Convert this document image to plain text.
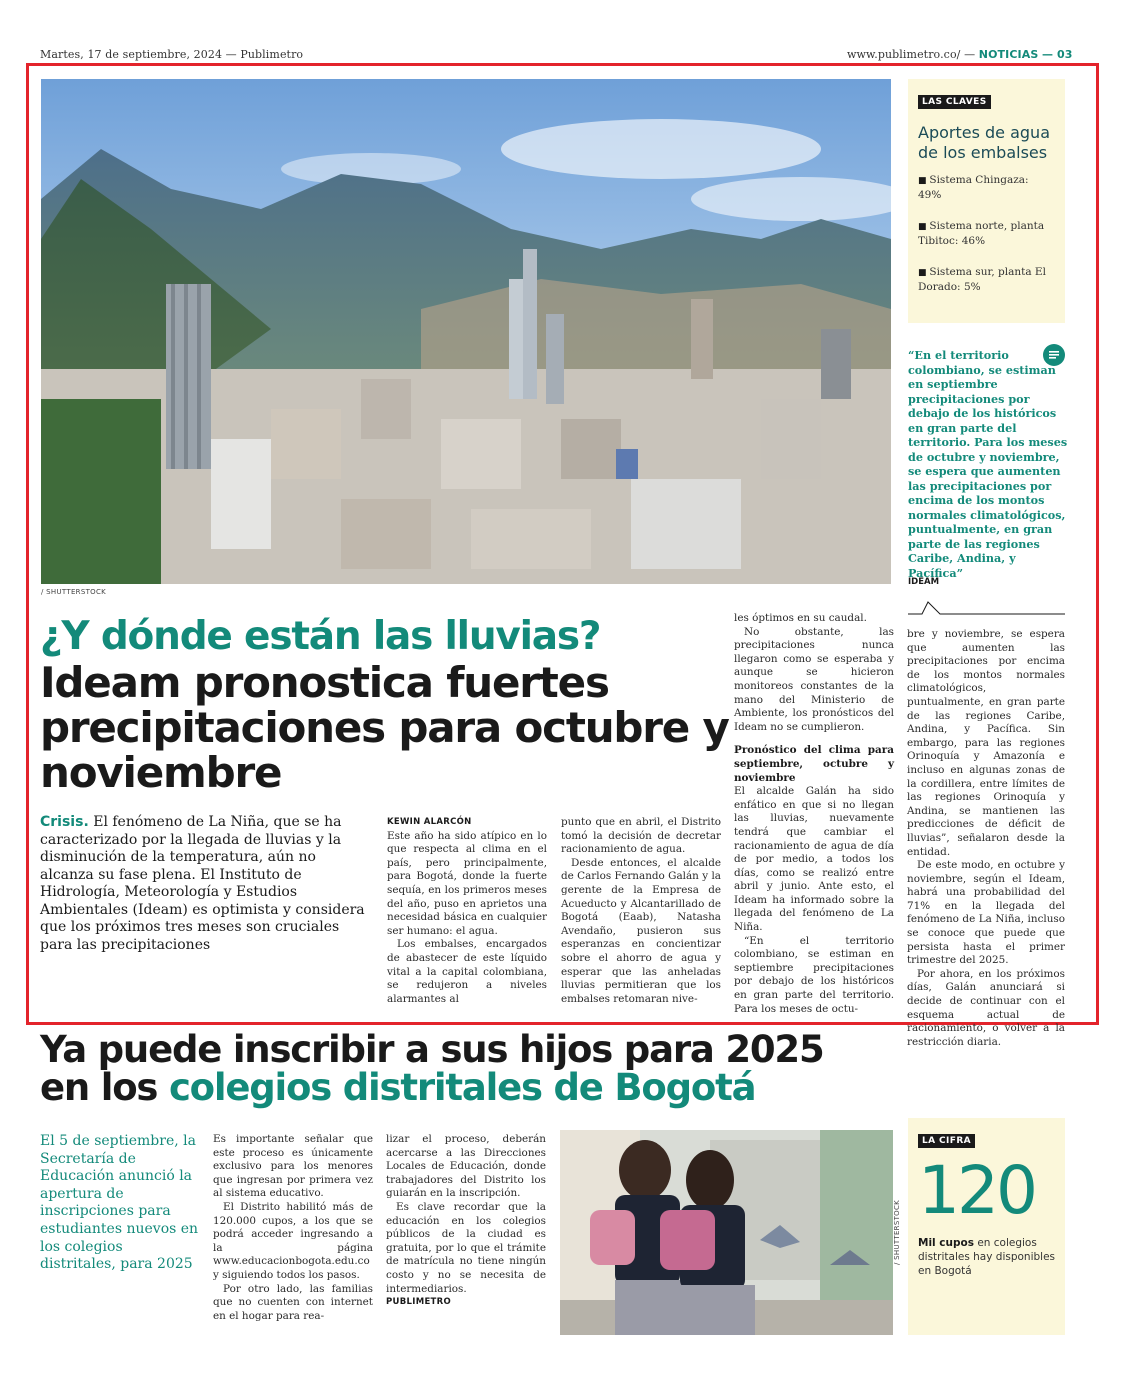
Martes, 17 de septiembre, 2024 — Publimetro	www.publimetro.co/ — NOTICIAS — 03
/ SHUTTERSTOCK
LAS CLAVES
Aportes de agua de los embalses
■ Sistema Chingaza: 49%
■ Sistema norte, planta Tibitoc: 46%
■ Sistema sur, planta El Dorado: 5%
“En el territorio colombiano, se estiman en septiembre precipitaciones por debajo de los históricos en gran parte del territorio. Para los meses de octubre y noviembre, se espera que aumenten las precipitaciones por encima de los montos normales climatológicos, puntualmente, en gran parte de las regiones Caribe, Andina, y Pacífica”
IDEAM
¿Y dónde están las lluvias?
Ideam pronostica fuertes precipitaciones para octubre y noviembre
Crisis. El fenómeno de La Niña, que se ha caracterizado por la llegada de lluvias y la disminución de la temperatura, aún no alcanza su fase plena. El Instituto de Hidrología, Meteorología y Estudios Ambientales (Ideam) es optimista y considera que los próximos tres meses son cruciales para las precipitaciones
KEWIN ALARCÓN

Este año ha sido atípico en lo que respecta al clima en el país, pero principalmente, para Bogotá, donde la fuerte sequía, en los primeros meses del año, puso en aprietos una necesidad básica en cualquier ser humano: el agua.

Los embalses, encargados de abastecer de este líquido vital a la capital colombiana, se redujeron a niveles alarmantes al

punto que en abril, el Distrito tomó la decisión de decretar racionamiento de agua.

Desde entonces, el alcalde de Carlos Fernando Galán y la gerente de la Empresa de Acueducto y Alcantarillado de Bogotá (Eaab), Natasha Avendaño, pusieron sus esperanzas en concientizar sobre el ahorro de agua y esperar que las anheladas lluvias permitieran que los embalses retomaran nive-

les óptimos en su caudal.

No obstante, las precipitaciones nunca llegaron como se esperaba y aunque se hicieron monitoreos constantes de la mano del Ministerio de Ambiente, los pronósticos del Ideam no se cumplieron.

Pronóstico del clima para septiembre, octubre y noviembre

El alcalde Galán ha sido enfático en que si no llegan las lluvias, nuevamente tendrá que cambiar el racionamiento de agua de día de por medio, a todos los días, como se realizó entre abril y junio. Ante esto, el Ideam ha informado sobre la llegada del fenómeno de La Niña.

“En el territorio colombiano, se estiman en septiembre precipitaciones por debajo de los históricos en gran parte del territorio. Para los meses de octu-

bre y noviembre, se espera que aumenten las precipitaciones por encima de los montos normales climatológicos, puntualmente, en gran parte de las regiones Caribe, Andina, y Pacífica. Sin embargo, para las regiones Orinoquía y Amazonía e incluso en algunas zonas de la cordillera, entre límites de las regiones Orinoquía y Andina, se mantienen las predicciones de déficit de lluvias”, señalaron desde la entidad.

De este modo, en octubre y noviembre, según el Ideam, habrá una probabilidad del 71% en la llegada del fenómeno de La Niña, incluso se conoce que puede que persista hasta el primer trimestre del 2025.

Por ahora, en los próximos días, Galán anunciará si decide de continuar con el esquema actual de racionamiento, o volver a la restricción diaria.

Ya puede inscribir a sus hijos para 2025
en los colegios distritales de Bogotá
El 5 de septiembre, la Secretaría de Educación anunció la apertura de inscripciones para estudiantes nuevos en los colegios distritales, para 2025

Es importante señalar que este proceso es únicamente exclusivo para los menores que ingresan por primera vez al sistema educativo.

El Distrito habilitó más de 120.000 cupos, a los que se podrá acceder ingresando a la página www.educacionbogota.edu.co y siguiendo todos los pasos.

Por otro lado, las familias que no cuenten con internet en el hogar para rea-

lizar el proceso, deberán acercarse a las Direcciones Locales de Educación, donde trabajadores del Distrito los guiarán en la inscripción.

Es clave recordar que la educación en los colegios públicos de la ciudad es gratuita, por lo que el trámite de matrícula no tiene ningún costo y no se necesita de intermediarios.

PUBLIMETRO
/ SHUTTERSTOCK
LA CIFRA
120
Mil cupos en colegios distritales hay disponibles en Bogotá
